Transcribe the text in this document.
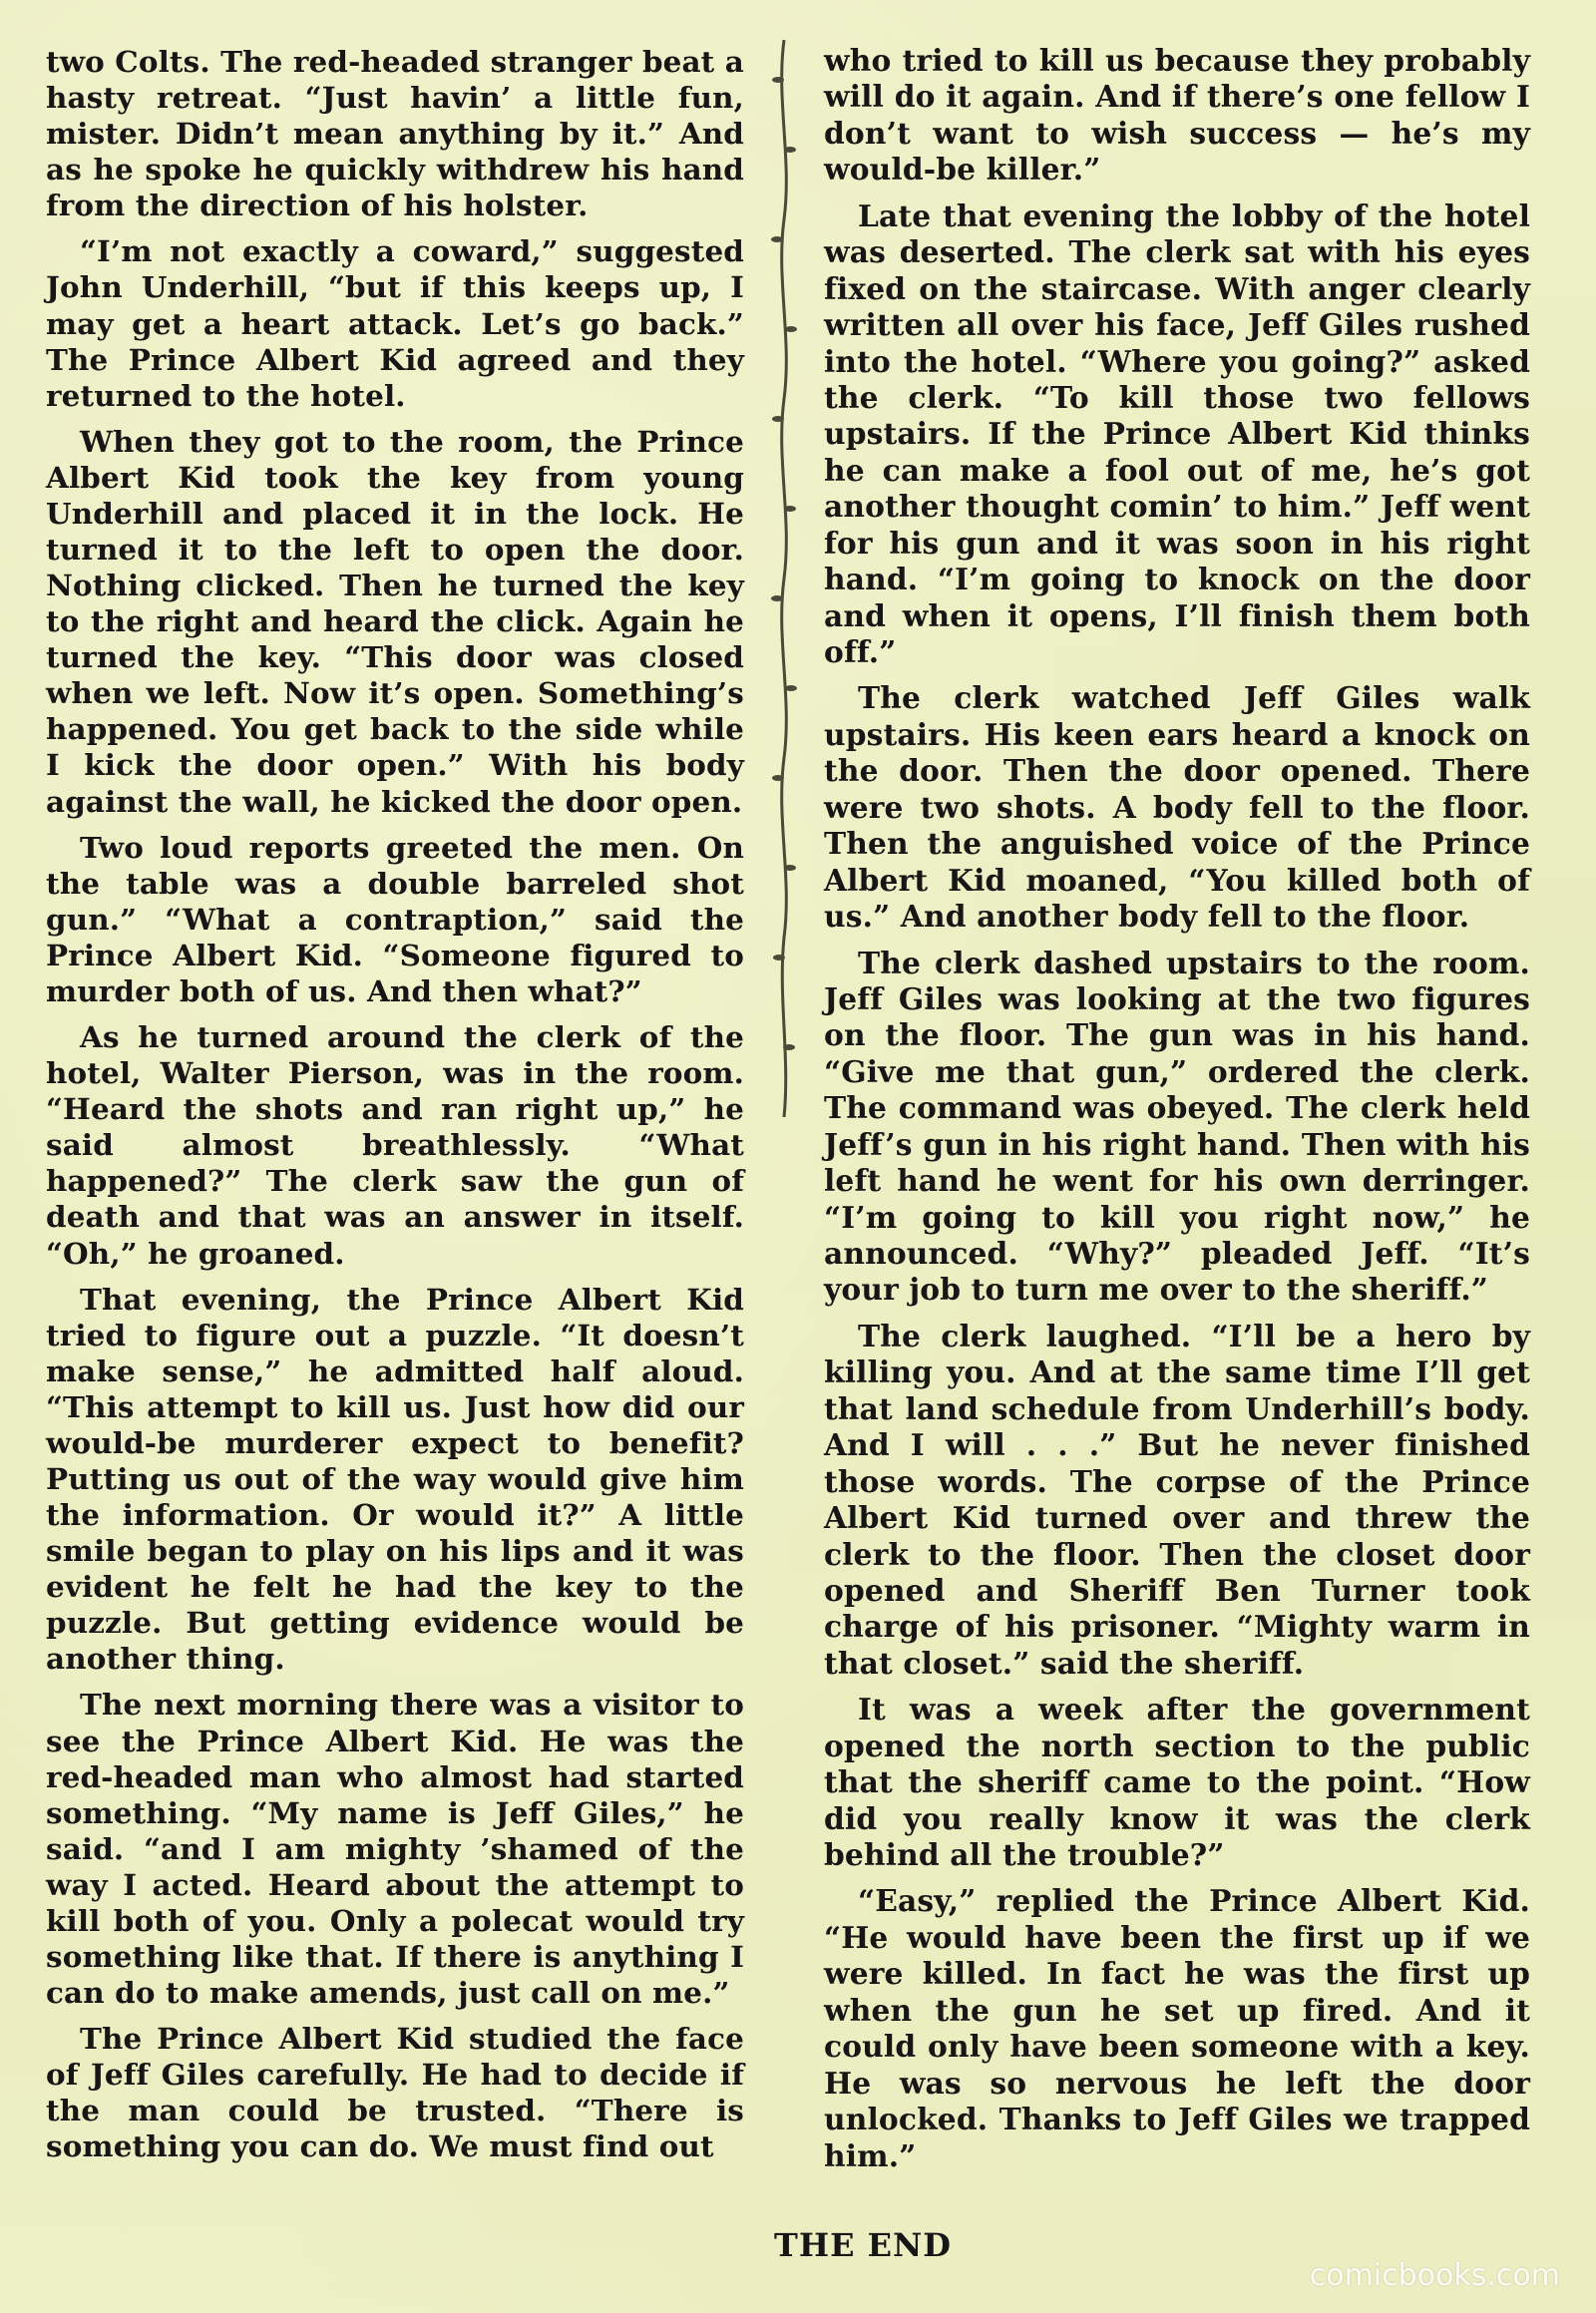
two Colts. The red-headed stranger beat a hasty retreat. “Just havin’ a little fun, mister. Didn’t mean anything by it.” And as he spoke he quickly withdrew his hand from the direction of his holster.

“I’m not exactly a coward,” suggested John Underhill, “but if this keeps up, I may get a heart attack. Let’s go back.” The Prince Albert Kid agreed and they returned to the hotel.

When they got to the room, the Prince Albert Kid took the key from young Underhill and placed it in the lock. He turned it to the left to open the door. Nothing clicked. Then he turned the key to the right and heard the click. Again he turned the key. “This door was closed when we left. Now it’s open. Something’s happened. You get back to the side while I kick the door open.” With his body against the wall, he kicked the door open.

Two loud reports greeted the men. On the table was a double barreled shot gun.” “What a contraption,” said the Prince Albert Kid. “Someone figured to murder both of us. And then what?”

As he turned around the clerk of the hotel, Walter Pierson, was in the room. “Heard the shots and ran right up,” he said almost breathlessly. “What happened?” The clerk saw the gun of death and that was an answer in itself. “Oh,” he groaned.

That evening, the Prince Albert Kid tried to figure out a puzzle. “It doesn’t make sense,” he admitted half aloud. “This attempt to kill us. Just how did our would-be murderer expect to benefit? Putting us out of the way would give him the information. Or would it?” A little smile began to play on his lips and it was evident he felt he had the key to the puzzle. But getting evidence would be another thing.

The next morning there was a visitor to see the Prince Albert Kid. He was the red-headed man who almost had started something. “My name is Jeff Giles,” he said. “and I am mighty ’shamed of the way I acted. Heard about the attempt to kill both of you. Only a polecat would try something like that. If there is anything I can do to make amends, just call on me.”

The Prince Albert Kid studied the face of Jeff Giles carefully. He had to decide if the man could be trusted. “There is something you can do. We must find out

who tried to kill us because they probably will do it again. And if there’s one fellow I don’t want to wish success — he’s my would-be killer.”

Late that evening the lobby of the hotel was deserted. The clerk sat with his eyes fixed on the staircase. With anger clearly written all over his face, Jeff Giles rushed into the hotel. “Where you going?” asked the clerk. “To kill those two fellows upstairs. If the Prince Albert Kid thinks he can make a fool out of me, he’s got another thought comin’ to him.” Jeff went for his gun and it was soon in his right hand. “I’m going to knock on the door and when it opens, I’ll finish them both off.”

The clerk watched Jeff Giles walk upstairs. His keen ears heard a knock on the door. Then the door opened. There were two shots. A body fell to the floor. Then the anguished voice of the Prince Albert Kid moaned, “You killed both of us.” And another body fell to the floor.

The clerk dashed upstairs to the room. Jeff Giles was looking at the two figures on the floor. The gun was in his hand. “Give me that gun,” ordered the clerk. The command was obeyed. The clerk held Jeff’s gun in his right hand. Then with his left hand he went for his own derringer. “I’m going to kill you right now,” he announced. “Why?” pleaded Jeff. “It’s your job to turn me over to the sheriff.”

The clerk laughed. “I’ll be a hero by killing you. And at the same time I’ll get that land schedule from Underhill’s body. And I will . . .” But he never finished those words. The corpse of the Prince Albert Kid turned over and threw the clerk to the floor. Then the closet door opened and Sheriff Ben Turner took charge of his prisoner. “Mighty warm in that closet.” said the sheriff.

It was a week after the government opened the north section to the public that the sheriff came to the point. “How did you really know it was the clerk behind all the trouble?”

“Easy,” replied the Prince Albert Kid. “He would have been the first up if we were killed. In fact he was the first up when the gun he set up fired. And it could only have been someone with a key. He was so nervous he left the door unlocked. Thanks to Jeff Giles we trapped him.”

THE END
comicbooks.com
